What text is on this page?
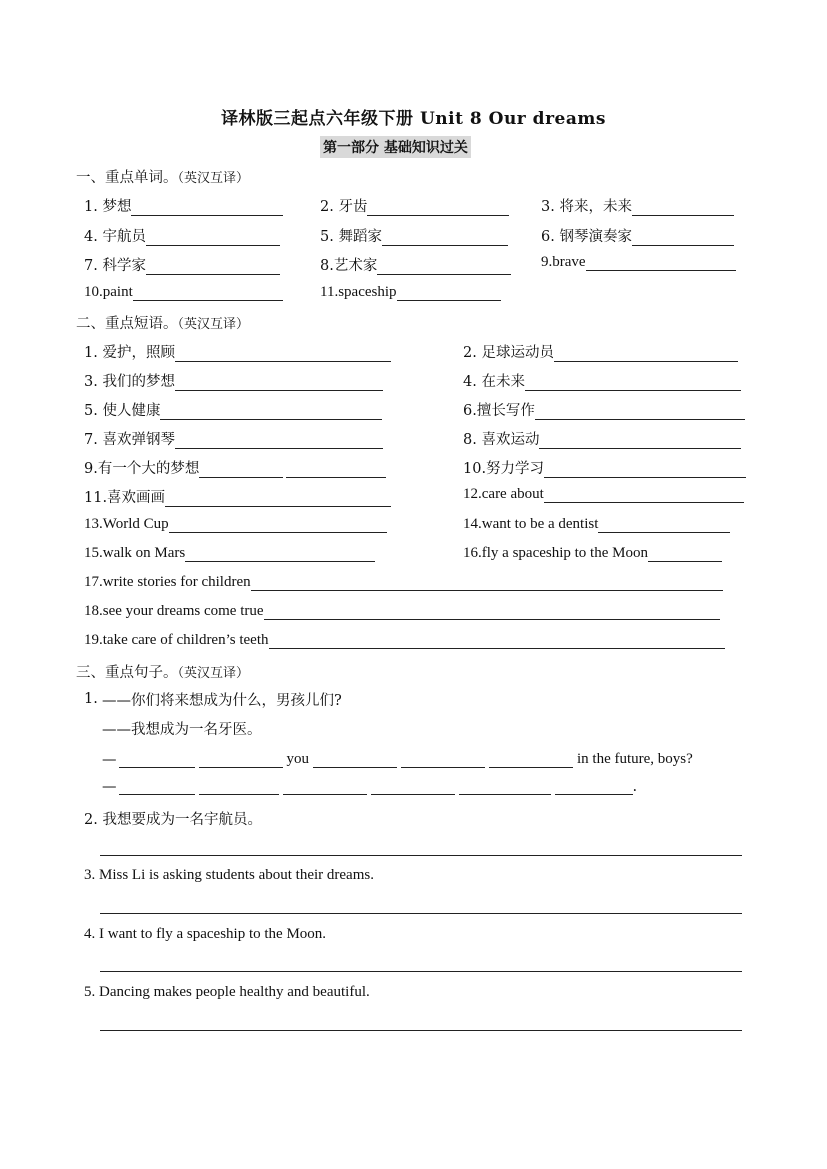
译林版三起点六年级下册 Unit 8 Our dreams
第一部分 基础知识过关
一、重点单词。（英汉互译）
1. 梦想	2. 牙齿	3. 将来，未来
4. 宇航员	5. 舞蹈家	6. 钢琴演奏家
7. 科学家	8.艺术家	9.brave
10.paint	11.spaceship
二、重点短语。（英汉互译）
1. 爱护，照顾	2. 足球运动员
3. 我们的梦想	4. 在未来
5. 使人健康	6.擅长写作
7. 喜欢弹钢琴	8. 喜欢运动
9.有一个大的梦想	10.努力学习
11.喜欢画画	12.care about
13.World Cup	14.want to be a dentist
15.walk on Mars	16.fly a spaceship to the Moon
17.write stories for children
18.see your dreams come true
19.take care of children’s teeth
三、重点句子。（英汉互译）
1. ——你们将来想成为什么，男孩儿们?
——我想成为一名牙医。
—	you	in the future, boys?
—	.
2. 我想要成为一名宇航员。
3. Miss Li is asking students about their dreams.
4. I want to fly a spaceship to the Moon.
5. Dancing makes people healthy and beautiful.
